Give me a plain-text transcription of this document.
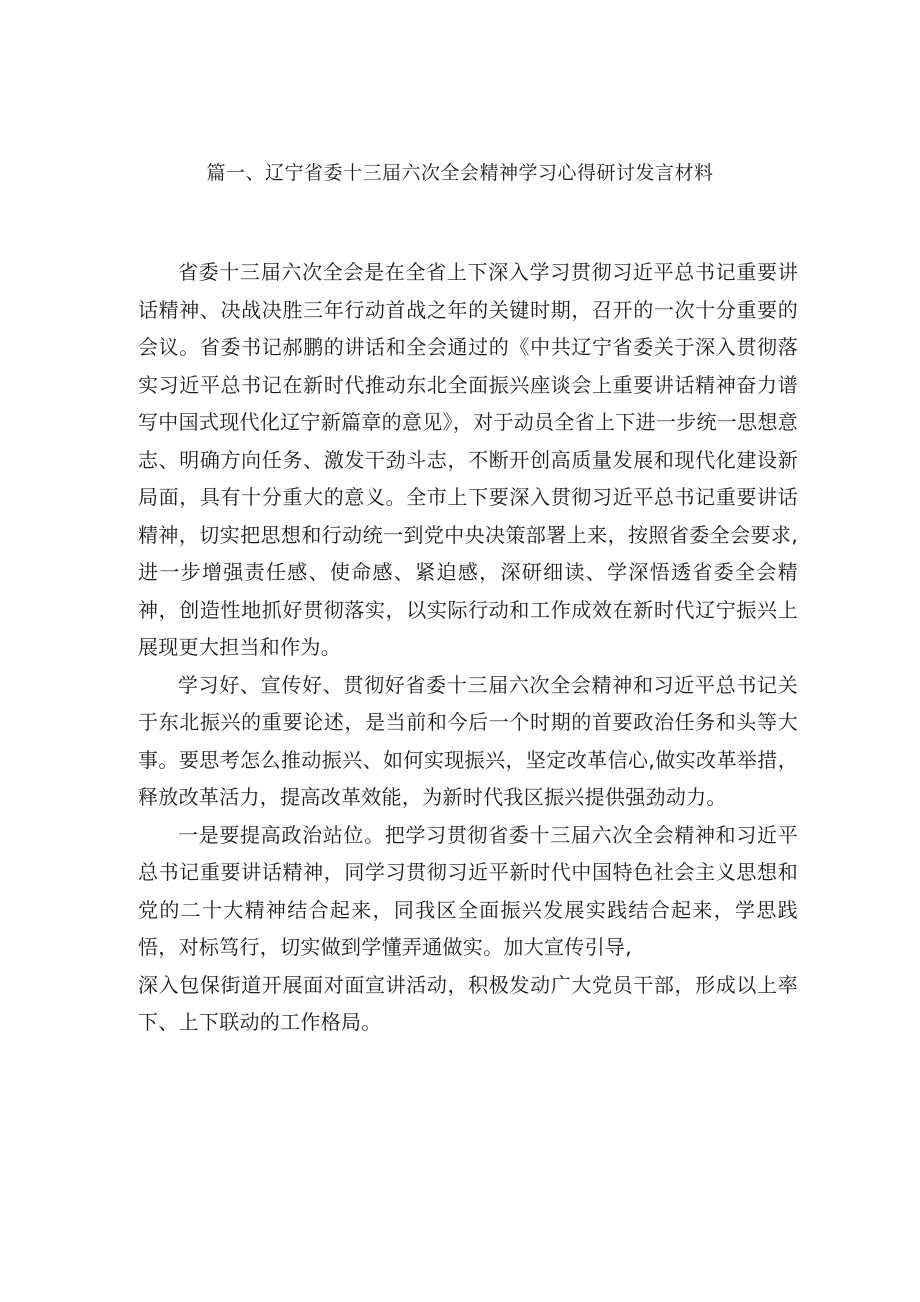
篇一、辽宁省委十三届六次全会精神学习心得研讨发言材料

省委十三届六次全会是在全省上下深入学习贯彻习近平总书记重要讲话精神、决战决胜三年行动首战之年的关键时期，召开的一次十分重要的会议。省委书记郝鹏的讲话和全会通过的《中共辽宁省委关于深入贯彻落实习近平总书记在新时代推动东北全面振兴座谈会上重要讲话精神奋力谱写中国式现代化辽宁新篇章的意见》，对于动员全省上下进一步统一思想意志、明确方向任务、激发干劲斗志，不断开创高质量发展和现代化建设新局面，具有十分重大的意义。全市上下要深入贯彻习近平总书记重要讲话精神，切实把思想和行动统一到党中央决策部署上来，按照省委全会要求,进一步增强责任感、使命感、紧迫感，深研细读、学深悟透省委全会精神，创造性地抓好贯彻落实，以实际行动和工作成效在新时代辽宁振兴上展现更大担当和作为。

学习好、宣传好、贯彻好省委十三届六次全会精神和习近平总书记关于东北振兴的重要论述，是当前和今后一个时期的首要政治任务和头等大事。要思考怎么推动振兴、如何实现振兴，坚定改革信心,做实改革举措，释放改革活力，提高改革效能，为新时代我区振兴提供强劲动力。

一是要提高政治站位。把学习贯彻省委十三届六次全会精神和习近平总书记重要讲话精神，同学习贯彻习近平新时代中国特色社会主义思想和党的二十大精神结合起来，同我区全面振兴发展实践结合起来，学思践悟，对标笃行，切实做到学懂弄通做实。加大宣传引导,

深入包保街道开展面对面宣讲活动，积极发动广大党员干部，形成以上率下、上下联动的工作格局。
